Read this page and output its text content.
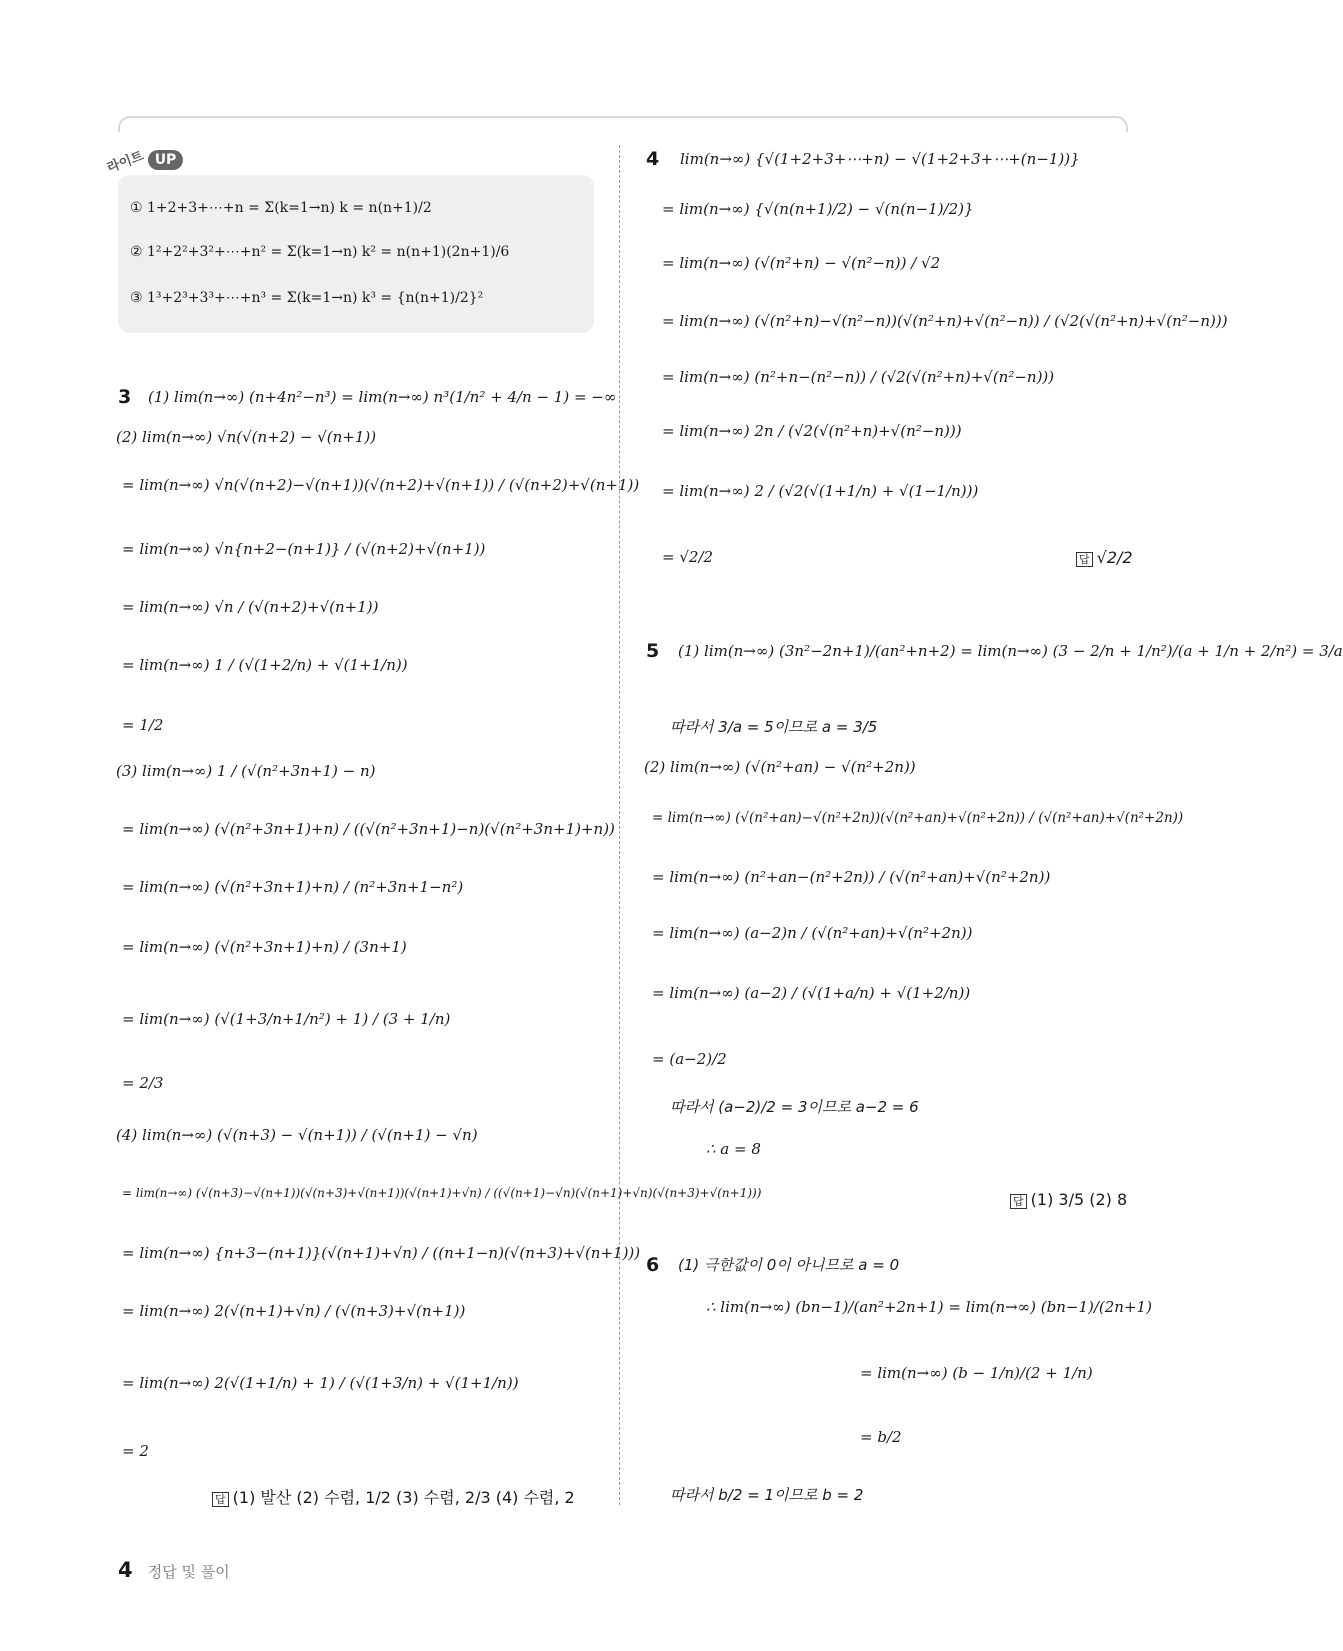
라이트 UP
① 1+2+3+⋯+n = Σ(k=1→n) k = n(n+1)/2
② 1²+2²+3²+⋯+n² = Σ(k=1→n) k² = n(n+1)(2n+1)/6
③ 1³+2³+3³+⋯+n³ = Σ(k=1→n) k³ = {n(n+1)/2}²
3 (1) lim(n→∞) (n+4n²−n³) = lim(n→∞) n³(1/n² + 4/n − 1) = −∞
(2) lim(n→∞) √n(√(n+2) − √(n+1))
= lim(n→∞) √n(√(n+2)−√(n+1))(√(n+2)+√(n+1)) / (√(n+2)+√(n+1))
= lim(n→∞) √n{n+2−(n+1)} / (√(n+2)+√(n+1))
= lim(n→∞) √n / (√(n+2)+√(n+1))
= lim(n→∞) 1 / (√(1+2/n) + √(1+1/n))
= 1/2
(3) lim(n→∞) 1 / (√(n²+3n+1) − n)
= lim(n→∞) (√(n²+3n+1)+n) / ((√(n²+3n+1)−n)(√(n²+3n+1)+n))
= lim(n→∞) (√(n²+3n+1)+n) / (n²+3n+1−n²)
= lim(n→∞) (√(n²+3n+1)+n) / (3n+1)
= lim(n→∞) (√(1+3/n+1/n²) + 1) / (3 + 1/n)
= 2/3
(4) lim(n→∞) (√(n+3) − √(n+1)) / (√(n+1) − √n)
= lim(n→∞) (√(n+3)−√(n+1))(√(n+3)+√(n+1))(√(n+1)+√n) / ((√(n+1)−√n)(√(n+1)+√n)(√(n+3)+√(n+1)))
= lim(n→∞) {n+3−(n+1)}(√(n+1)+√n) / ((n+1−n)(√(n+3)+√(n+1)))
= lim(n→∞) 2(√(n+1)+√n) / (√(n+3)+√(n+1))
= lim(n→∞) 2(√(1+1/n) + 1) / (√(1+3/n) + √(1+1/n))
= 2
답 (1) 발산 (2) 수렴, 1/2 (3) 수렴, 2/3 (4) 수렴, 2
4 lim(n→∞) {√(1+2+3+⋯+n) − √(1+2+3+⋯+(n−1))}
= lim(n→∞) {√(n(n+1)/2) − √(n(n−1)/2)}
= lim(n→∞) (√(n²+n) − √(n²−n)) / √2
= lim(n→∞) (√(n²+n)−√(n²−n))(√(n²+n)+√(n²−n)) / (√2(√(n²+n)+√(n²−n)))
= lim(n→∞) (n²+n−(n²−n)) / (√2(√(n²+n)+√(n²−n)))
= lim(n→∞) 2n / (√2(√(n²+n)+√(n²−n)))
= lim(n→∞) 2 / (√2(√(1+1/n) + √(1−1/n)))
= √2/2	답 √2/2
5 (1) lim(n→∞) (3n²−2n+1)/(an²+n+2) = lim(n→∞) (3 − 2/n + 1/n²)/(a + 1/n + 2/n²) = 3/a
따라서 3/a = 5이므로 a = 3/5
(2) lim(n→∞) (√(n²+an) − √(n²+2n))
= lim(n→∞) (√(n²+an)−√(n²+2n))(√(n²+an)+√(n²+2n)) / (√(n²+an)+√(n²+2n))
= lim(n→∞) (n²+an−(n²+2n)) / (√(n²+an)+√(n²+2n))
= lim(n→∞) (a−2)n / (√(n²+an)+√(n²+2n))
= lim(n→∞) (a−2) / (√(1+a/n) + √(1+2/n))
= (a−2)/2
따라서 (a−2)/2 = 3이므로 a−2 = 6
∴ a = 8
답 (1) 3/5 (2) 8
6 (1) 극한값이 0이 아니므로 a = 0
∴ lim(n→∞) (bn−1)/(an²+2n+1) = lim(n→∞) (bn−1)/(2n+1)
= lim(n→∞) (b − 1/n)/(2 + 1/n)
= b/2
따라서 b/2 = 1이므로 b = 2
4 정답 및 풀이
